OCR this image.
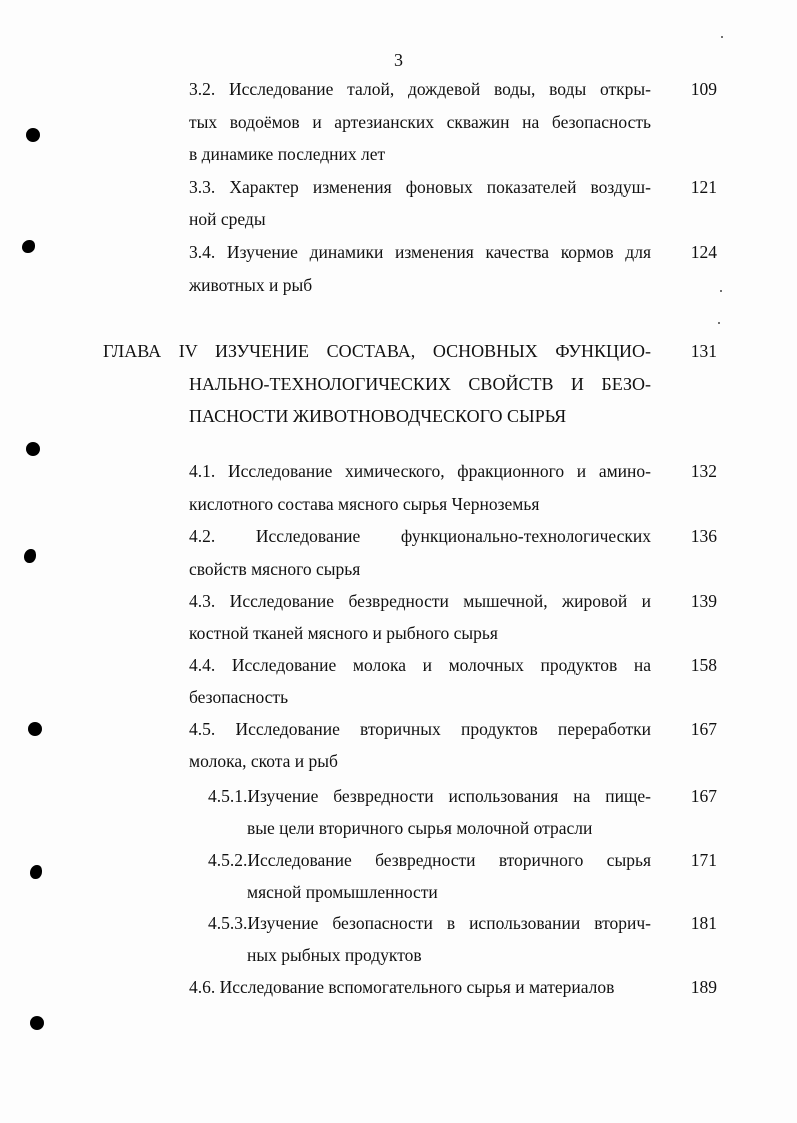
3
3.2. Исследование талой, дождевой воды, воды откры-
тых водоёмов и артезианских скважин на безопасность
в динамике последних лет
109
3.3. Характер изменения фоновых показателей воздуш-
ной среды
121
3.4. Изучение динамики изменения качества кормов для
животных и рыб
124
ГЛАВА IV ИЗУЧЕНИЕ СОСТАВА, ОСНОВНЫХ ФУНКЦИО-
НАЛЬНО-ТЕХНОЛОГИЧЕСКИХ СВОЙСТВ И БЕЗО-
ПАСНОСТИ ЖИВОТНОВОДЧЕСКОГО СЫРЬЯ
131
4.1. Исследование химического, фракционного и амино-
кислотного состава мясного сырья Черноземья
132
4.2. Исследование функционально-технологических
свойств мясного сырья
136
4.3. Исследование безвредности мышечной, жировой и
костной тканей мясного и рыбного сырья
139
4.4. Исследование молока и молочных продуктов на
безопасность
158
4.5. Исследование вторичных продуктов переработки
молока, скота и рыб
167
4.5.1.Изучение безвредности использования на пище-
вые цели вторичного сырья молочной отрасли
167
4.5.2.Исследование безвредности вторичного сырья
мясной промышленности
171
4.5.3.Изучение безопасности в использовании вторич-
ных рыбных продуктов
181
4.6. Исследование вспомогательного сырья и материалов	189
